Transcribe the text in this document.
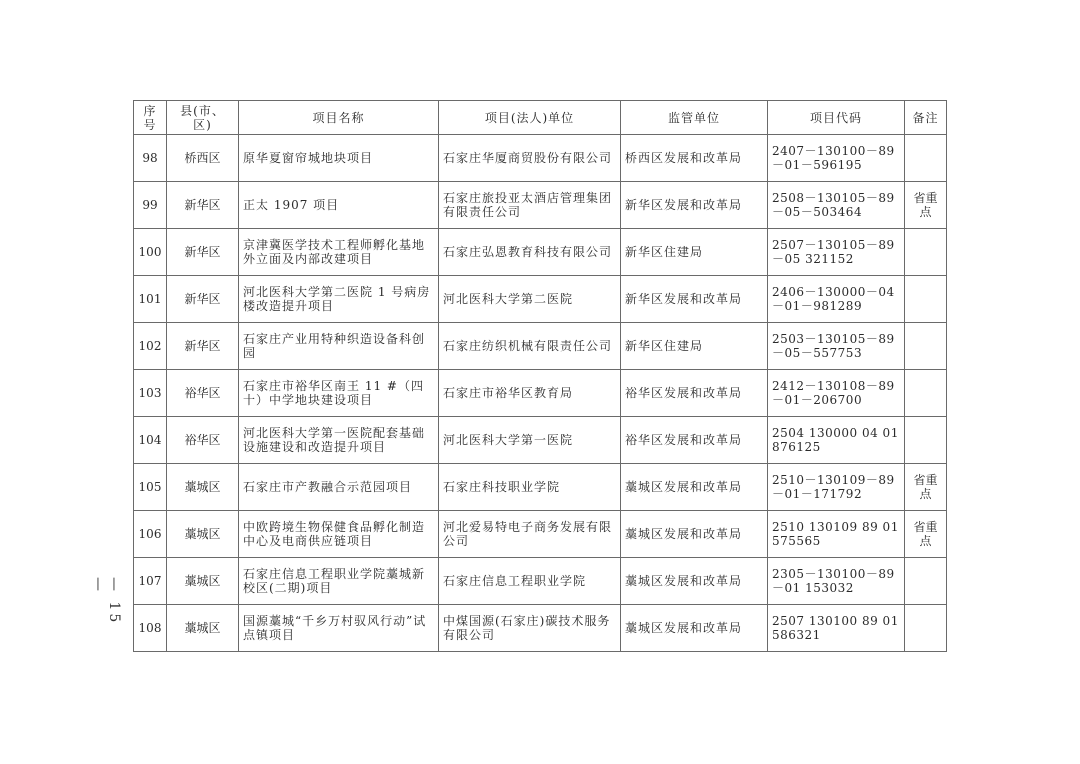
序号	县(市、区)	项目名称	项目(法人)单位	监管单位	项目代码	备注
98	桥西区	原华夏窗帘城地块项目	石家庄华厦商贸股份有限公司	桥西区发展和改革局	2407－130100－89－01－596195	
99	新华区	正太 1907 项目	石家庄旅投亚太酒店管理集团有限责任公司	新华区发展和改革局	2508－130105－89－05－503464	省重点
100	新华区	京津冀医学技术工程师孵化基地外立面及内部改建项目	石家庄弘恩教育科技有限公司	新华区住建局	2507－130105－89－05 321152	
101	新华区	河北医科大学第二医院 1 号病房楼改造提升项目	河北医科大学第二医院	新华区发展和改革局	2406－130000－04－01－981289	
102	新华区	石家庄产业用特种织造设备科创园	石家庄纺织机械有限责任公司	新华区住建局	2503－130105－89－05－557753	
103	裕华区	石家庄市裕华区南王 11 #（四十）中学地块建设项目	石家庄市裕华区教育局	裕华区发展和改革局	2412－130108－89－01－206700	
104	裕华区	河北医科大学第一医院配套基础设施建设和改造提升项目	河北医科大学第一医院	裕华区发展和改革局	2504 130000 04 01 876125	
105	藁城区	石家庄市产教融合示范园项目	石家庄科技职业学院	藁城区发展和改革局	2510－130109－89－01－171792	省重点
106	藁城区	中欧跨境生物保健食品孵化制造中心及电商供应链项目	河北爱易特电子商务发展有限公司	藁城区发展和改革局	2510 130109 89 01 575565	省重点
107	藁城区	石家庄信息工程职业学院藁城新校区(二期)项目	石家庄信息工程职业学院	藁城区发展和改革局	2305－130100－89－01 153032	
108	藁城区	国源藁城“千乡万村驭风行动”试点镇项目	中煤国源(石家庄)碳技术服务有限公司	藁城区发展和改革局	2507 130100 89 01 586321	
— 15 —
